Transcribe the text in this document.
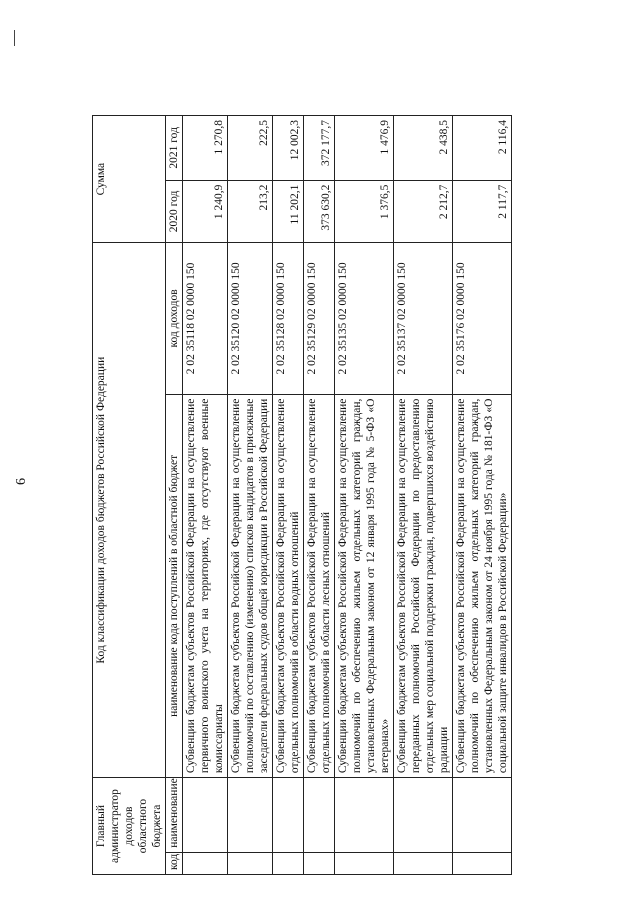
6
Главный администратор доходов областного бюджета		Код классификации доходов бюджетов Российской Федерации		Сумма	
код	наименование				
		наименование кода поступлений в областной бюджет	код доходов	2020 год	2021 год
		Субвенции бюджетам субъектов Российской Федерации на осуществление первичного воинского учета на территориях, где отсутствуют военные комиссариаты	2 02 35118 02 0000 150	1 240,9	1 270,8
		Субвенции бюджетам субъектов Российской Федерации на осуществление полномочий по составлению (изменению) списков кандидатов в присяжные заседатели федеральных судов общей юрисдикции в Российской Федерации	2 02 35120 02 0000 150	213,2	222,5
		Субвенции бюджетам субъектов Российской Федерации на осуществление отдельных полномочий в области водных отношений	2 02 35128 02 0000 150	11 202,1	12 002,3
		Субвенции бюджетам субъектов Российской Федерации на осуществление отдельных полномочий в области лесных отношений	2 02 35129 02 0000 150	373 630,2	372 177,7
		Субвенции бюджетам субъектов Российской Федерации на осуществление полномочий по обеспечению жильем отдельных категорий граждан, установленных Федеральным законом от 12 января 1995 года № 5-ФЗ «О ветеранах»	2 02 35135 02 0000 150	1 376,5	1 476,9
		Субвенции бюджетам субъектов Российской Федерации на осуществление переданных полномочий Российской Федерации по предоставлению отдельных мер социальной поддержки граждан, подвергшихся воздействию радиации	2 02 35137 02 0000 150	2 212,7	2 438,5
		Субвенции бюджетам субъектов Российской Федерации на осуществление полномочий по обеспечению жильем отдельных категорий граждан, установленных Федеральным законом от 24 ноября 1995 года № 181-ФЗ «О социальной защите инвалидов в Российской Федерации»	2 02 35176 02 0000 150	2 117,7	2 116,4
